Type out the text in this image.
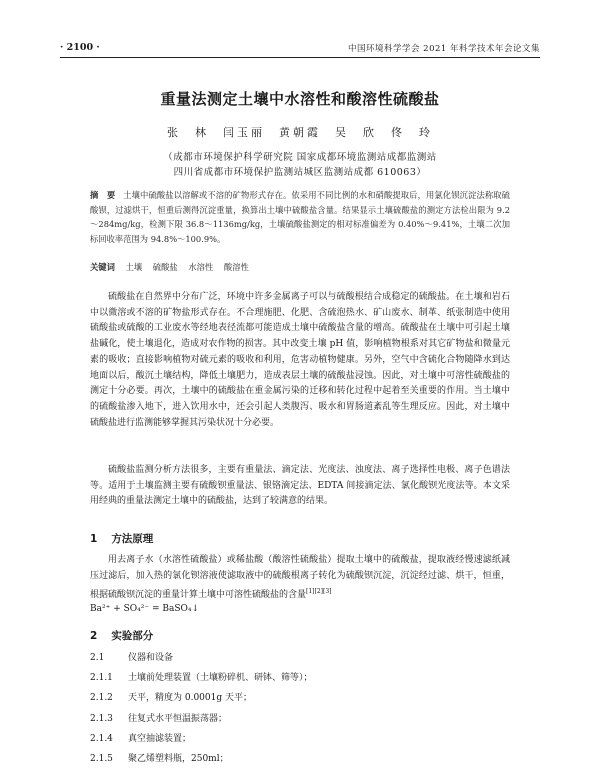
· 2100 ·	中国环境科学学会 2021 年科学技术年会论文集
重量法测定土壤中水溶性和酸溶性硫酸盐
张　林　闫玉丽　黄朝霞　吴　欣　佟　玲
（成都市环境保护科学研究院 国家成都环境监测站成都监测站
四川省成都市环境保护监测站城区监测站成都 610063）
摘　要 土壤中硫酸盐以溶解或不溶的矿物形式存在。依采用不同比例的水和硝酸提取后，用氯化钡沉淀法称取硫酸钡，过滤烘干，恒重后测得沉淀重量，换算出土壤中硫酸盐含量。结果显示土壤硫酸盐的测定方法检出限为 9.2～284mg/kg，检测下限 36.8～1136mg/kg，土壤硫酸盐测定的相对标准偏差为 0.40%～9.41%，土壤二次加标回收率范围为 94.8%～100.9%。
关键词 土壤 硫酸盐 水溶性 酸溶性
硫酸盐在自然界中分布广泛，环境中许多金属离子可以与硫酸根结合成稳定的硫酸盐。在土壤和岩石中以微溶或不溶的矿物盐形式存在。不合理施肥、化肥、含硫泡热水、矿山废水、制革、纸张制造中使用硫酸盐或硫酸的工业废水等经地表径流都可能造成土壤中硫酸盐含量的增高。硫酸盐在土壤中可引起土壤盐碱化，使土壤退化，造成对农作物的损害。其中改变土壤 pH 值，影响植物根系对其它矿物盐和微量元素的吸收；直接影响植物对硫元素的吸收和利用，危害动植物健康。另外，空气中含硫化合物随降水到达地面以后，酸沉土壤结构，降低土壤肥力，造成表层土壤的硫酸盐浸蚀。因此，对土壤中可溶性硫酸盐的测定十分必要。再次，土壤中的硫酸盐在重金属污染的迁移和转化过程中起着至关重要的作用。当土壤中的硫酸盐渗入地下，进入饮用水中，还会引起人类腹泻、吸水和胃肠道紊乱等生理反应。因此，对土壤中硫酸盐进行监测能够掌握其污染状况十分必要。
硫酸盐监测分析方法很多，主要有重量法、滴定法、光度法、浊度法、离子选择性电极、离子色谱法等。适用于土壤监测主要有硫酸钡重量法、银铬滴定法、EDTA 间接滴定法、氯化酸钡光度法等。本文采用经典的重量法测定土壤中的硫酸盐，达到了较满意的结果。
1 方法原理
用去离子水（水溶性硫酸盐）或稀盐酸（酸溶性硫酸盐）提取土壤中的硫酸盐，提取液经慢速滤纸减压过滤后，加入热的氯化钡溶液使滤取液中的硫酸根离子转化为硫酸钡沉淀，沉淀经过滤、烘干，恒重，根据硫酸钡沉淀的重量计算土壤中可溶性硫酸盐的含量[1][2][3]
Ba²⁺ + SO₄²⁻ = BaSO₄↓
2 实验部分
2.1	仪器和设备
2.1.1 土壤前处理装置（土壤粉碎机、研钵、筛等）；
2.1.2 天平，精度为 0.0001g 天平；
2.1.3 往复式水平恒温振荡器；
2.1.4 真空抽滤装置；
2.1.5 聚乙烯塑料瓶，250ml；
